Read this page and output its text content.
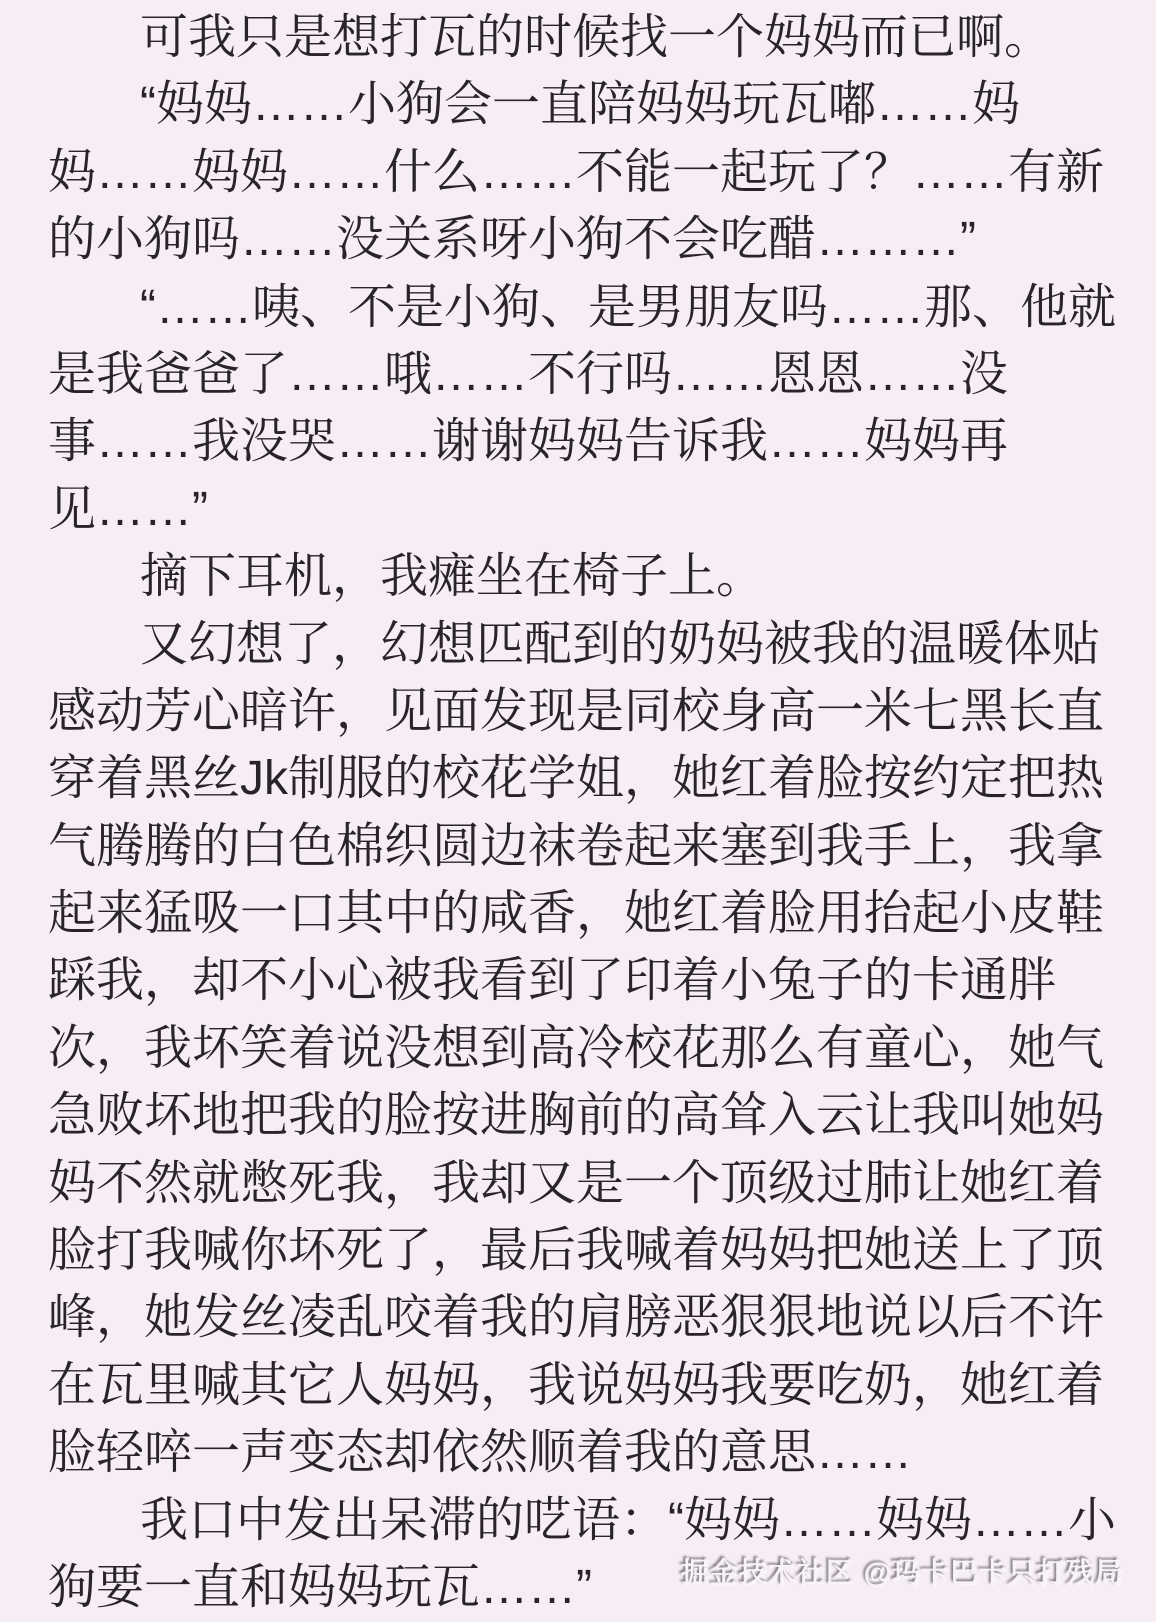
可我只是想打瓦的时候找一个妈妈而已啊。
“妈妈……小狗会一直陪妈妈玩瓦嘟……妈
妈……妈妈……什么……不能一起玩了？……有新
的小狗吗……没关系呀小狗不会吃醋………”
“……咦、不是小狗、是男朋友吗……那、他就
是我爸爸了……哦……不行吗……恩恩……没
事……我没哭……谢谢妈妈告诉我……妈妈再
见……”
摘下耳机，我瘫坐在椅子上。
又幻想了，幻想匹配到的奶妈被我的温暖体贴
感动芳心暗许，见面发现是同校身高一米七黑长直
穿着黑丝Jk制服的校花学姐，她红着脸按约定把热
气腾腾的白色棉织圆边袜卷起来塞到我手上，我拿
起来猛吸一口其中的咸香，她红着脸用抬起小皮鞋
踩我，却不小心被我看到了印着小兔子的卡通胖
次，我坏笑着说没想到高冷校花那么有童心，她气
急败坏地把我的脸按进胸前的高耸入云让我叫她妈
妈不然就憋死我，我却又是一个顶级过肺让她红着
脸打我喊你坏死了，最后我喊着妈妈把她送上了顶
峰，她发丝凌乱咬着我的肩膀恶狠狠地说以后不许
在瓦里喊其它人妈妈，我说妈妈我要吃奶，她红着
脸轻啐一声变态却依然顺着我的意思……
我口中发出呆滞的呓语：“妈妈……妈妈……小
狗要一直和妈妈玩瓦……”	掘金技术社区 @玛卡巴卡只打残局
